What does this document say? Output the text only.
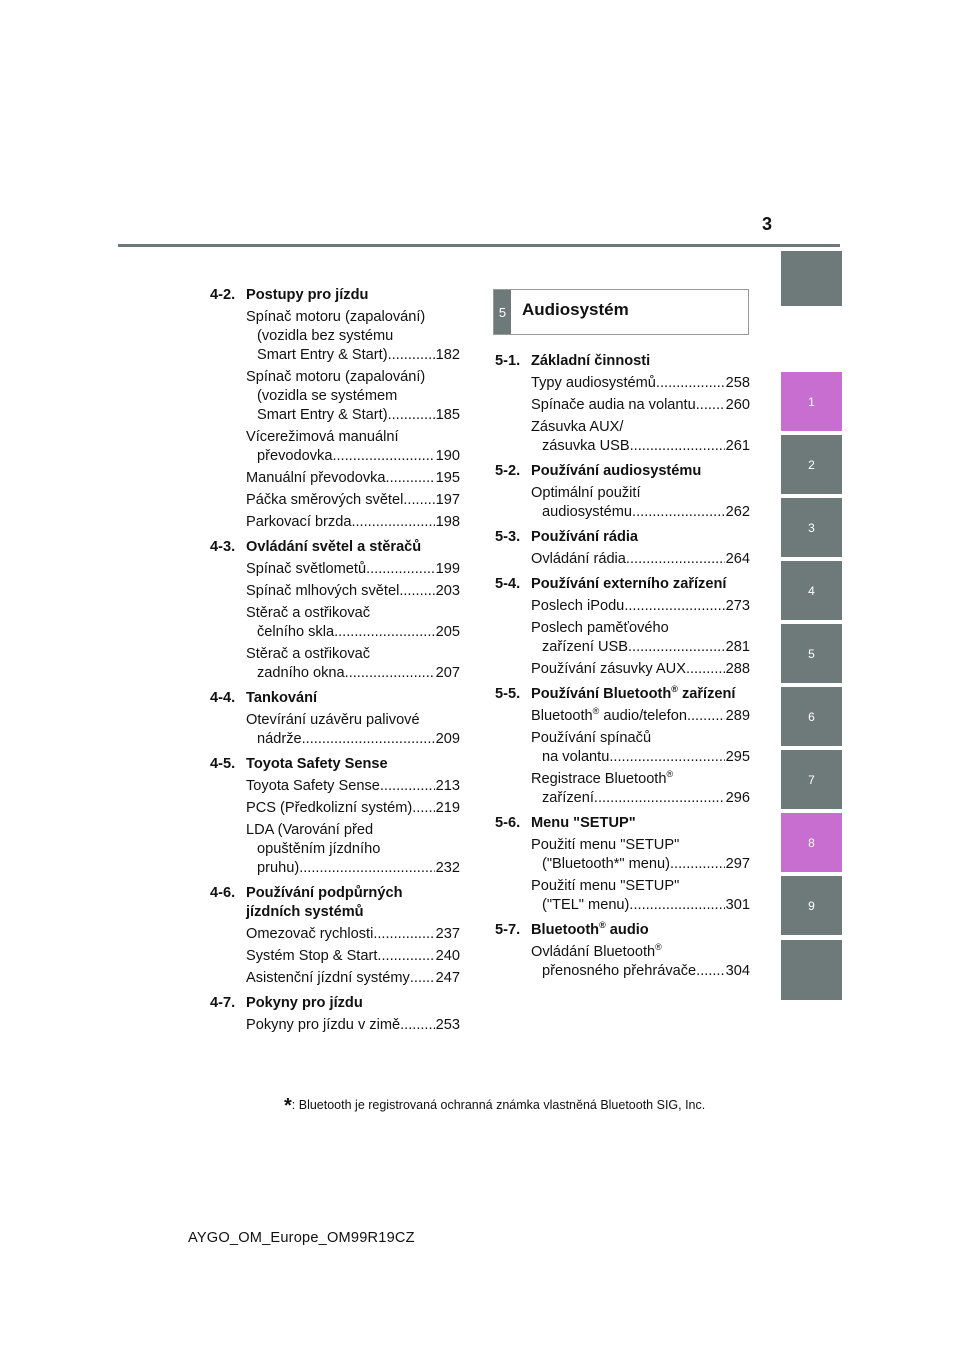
3
1
2
3
4
5
6
7
8
9
5 Audiosystém
4-2. Postupy pro jízdu
Spínač motoru (zapalování)
(vozidla bez systému
Smart Entry & Start) .....	182
Spínač motoru (zapalování)
(vozidla se systémem
Smart Entry & Start) .....	185
Vícerežimová manuální
převodovka .....	190
Manuální převodovka .....	195
Páčka směrových světel ..... 197
Parkovací brzda .....	198
4-3. Ovládání světel a stěračů
Spínač světlometů .....	199
Spínač mlhových světel ..... 203
Stěrač a ostřikovač
čelního skla .....	205
Stěrač a ostřikovač
zadního okna .....	207
4-4. Tankování
Otevírání uzávěru palivové
nádrže .....	209
4-5. Toyota Safety Sense
Toyota Safety Sense .....	213
PCS (Předkolizní systém) ..... 219
LDA (Varování před
opuštěním jízdního
pruhu) .....	232
4-6. Používání podpůrných
jízdních systémů
Omezovač rychlosti .....	237
Systém Stop & Start .....	240
Asistenční jízdní systémy ..... 247
4-7. Pokyny pro jízdu
Pokyny pro jízdu v zimě ..... 253
5-1. Základní činnosti
Typy audiosystémů .....	258
Spínače audia na volantu ..... 260
Zásuvka AUX/
zásuvka USB .....	261
5-2. Používání audiosystému
Optimální použití
audiosystému .....	262
5-3. Používání rádia
Ovládání rádia .....	264
5-4. Používání externího zařízení
Poslech iPodu .....	273
Poslech paměťového
zařízení USB .....	281
Používání zásuvky AUX .....	288
5-5. Používání Bluetooth® zařízení
Bluetooth® audio/telefon .....	289
Používání spínačů
na volantu .....	295
Registrace Bluetooth®
zařízení .....	296
5-6. Menu "SETUP"
Použití menu "SETUP"
("Bluetooth*" menu) .....	297
Použití menu "SETUP"
("TEL" menu) .....	301
5-7. Bluetooth® audio
Ovládání Bluetooth®
přenosného přehrávače ..... 304
*: Bluetooth je registrovaná ochranná známka vlastněná Bluetooth SIG, Inc.
AYGO_OM_Europe_OM99R19CZ
